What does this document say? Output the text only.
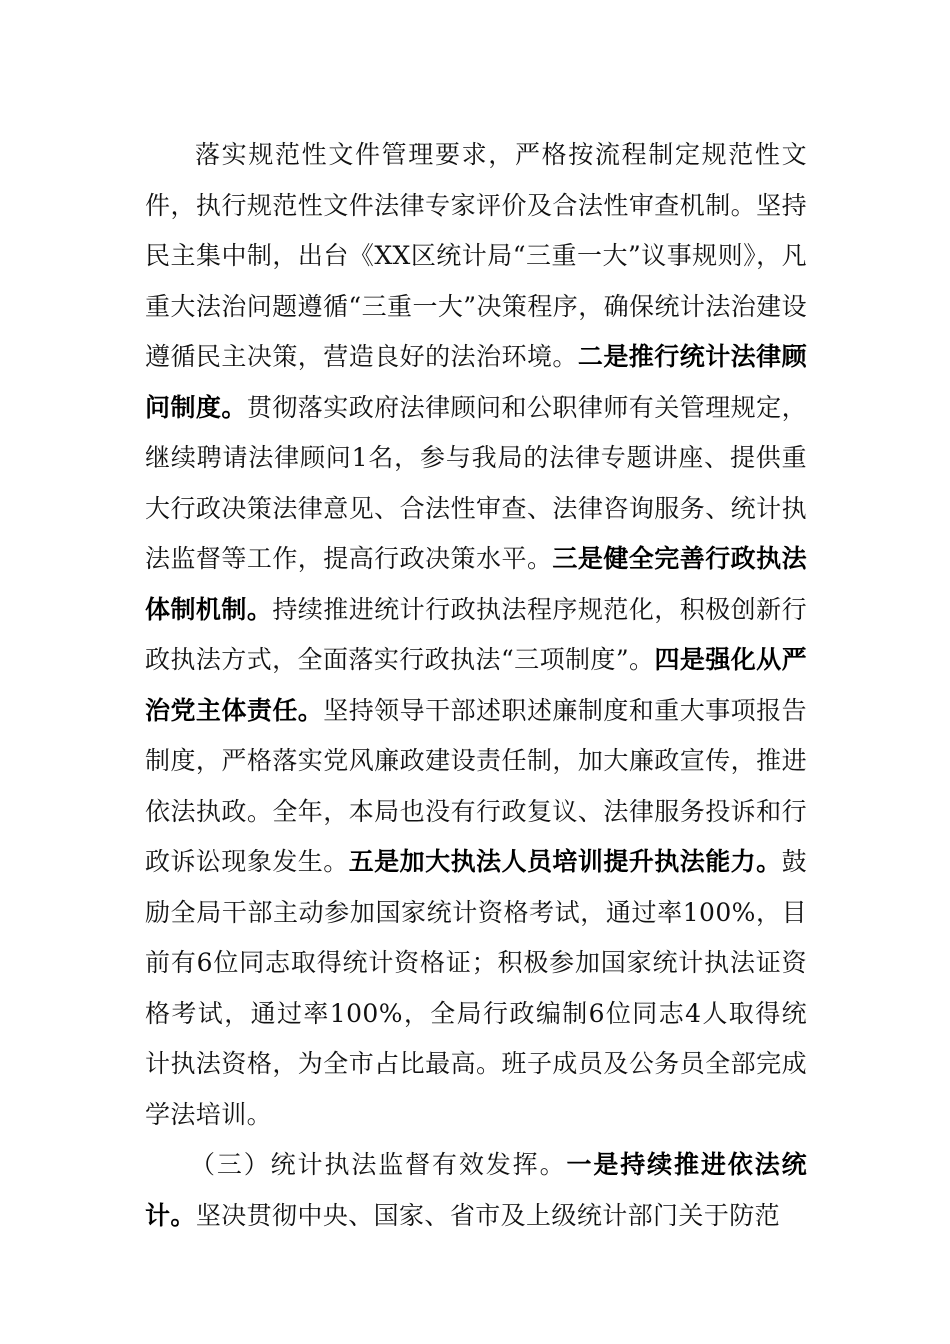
落实规范性文件管理要求，严格按流程制定规范性文件，执行规范性文件法律专家评价及合法性审查机制。坚持民主集中制，出台《XX区统计局“三重一大”议事规则》，凡重大法治问题遵循“三重一大”决策程序，确保统计法治建设遵循民主决策，营造良好的法治环境。二是推行统计法律顾问制度。贯彻落实政府法律顾问和公职律师有关管理规定，继续聘请法律顾问1名，参与我局的法律专题讲座、提供重大行政决策法律意见、合法性审查、法律咨询服务、统计执法监督等工作，提高行政决策水平。三是健全完善行政执法体制机制。持续推进统计行政执法程序规范化，积极创新行政执法方式，全面落实行政执法“三项制度”。四是强化从严治党主体责任。坚持领导干部述职述廉制度和重大事项报告制度，严格落实党风廉政建设责任制，加大廉政宣传，推进依法执政。全年，本局也没有行政复议、法律服务投诉和行政诉讼现象发生。五是加大执法人员培训提升执法能力。鼓励全局干部主动参加国家统计资格考试，通过率100%，目前有6位同志取得统计资格证；积极参加国家统计执法证资格考试，通过率100%，全局行政编制6位同志4人取得统计执法资格，为全市占比最高。班子成员及公务员全部完成学法培训。

（三）统计执法监督有效发挥。一是持续推进依法统计。坚决贯彻中央、国家、省市及上级统计部门关于防范
